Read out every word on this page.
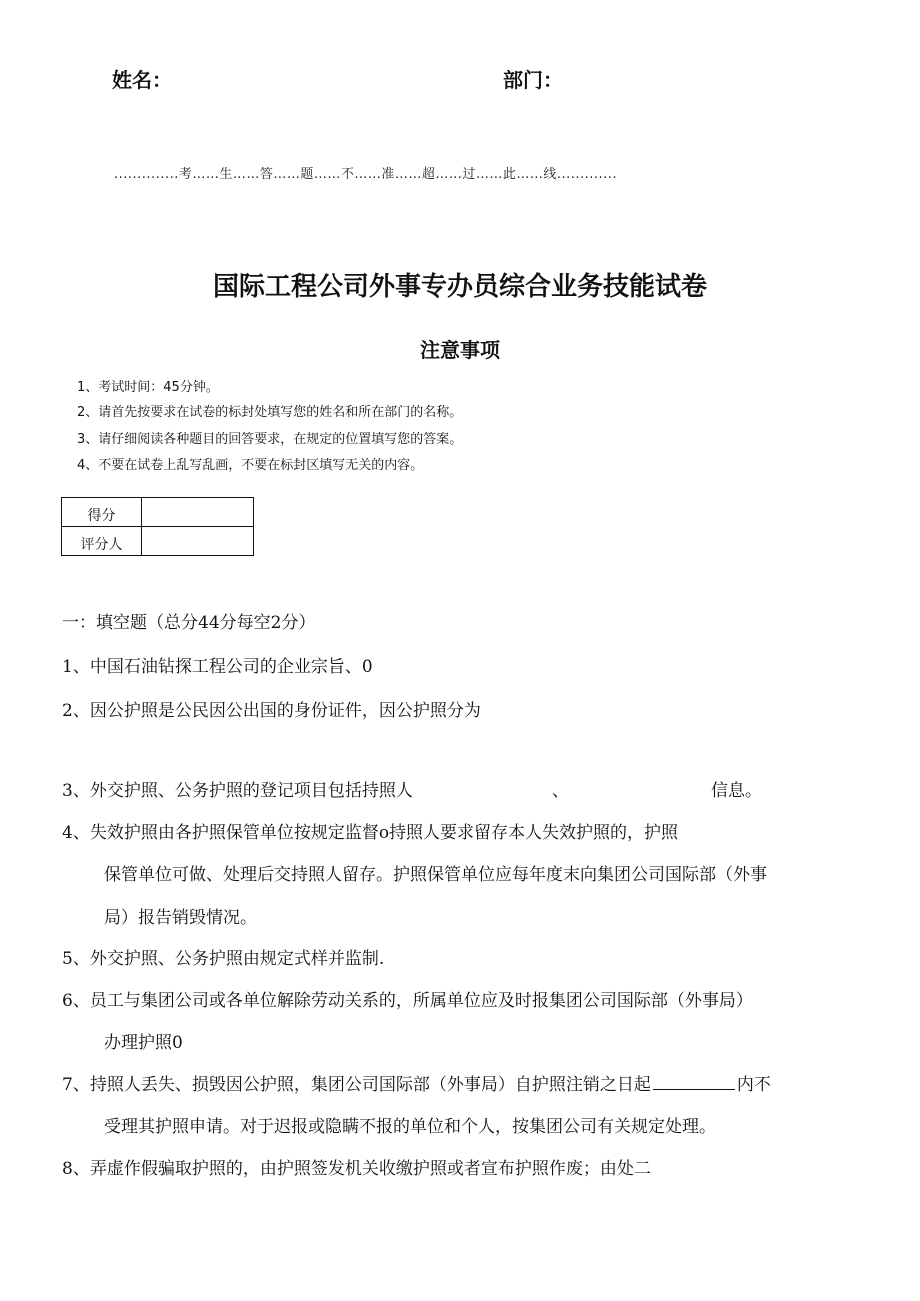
姓名：	部门：
..............考……生……答……题……不……准……超……过……此……线.............
国际工程公司外事专办员综合业务技能试卷
注意事项
1、考试时间：45分钟。
2、请首先按要求在试卷的标封处填写您的姓名和所在部门的名称。
3、请仔细阅读各种题目的回答要求，在规定的位置填写您的答案。
4、不要在试卷上乱写乱画，不要在标封区填写无关的内容。
得分	
评分人	
一：填空题（总分44分每空2分）
1、中国石油钻探工程公司的企业宗旨、0
2、因公护照是公民因公出国的身份证件，因公护照分为
3、外交护照、公务护照的登记项目包括持照人	、	信息。
4、失效护照由各护照保管单位按规定监督o持照人要求留存本人失效护照的，护照
保管单位可做、处理后交持照人留存。护照保管单位应每年度末向集团公司国际部（外事
局）报告销毁情况。
5、外交护照、公务护照由规定式样并监制.
6、员工与集团公司或各单位解除劳动关系的，所属单位应及时报集团公司国际部（外事局）
办理护照0
7、持照人丢失、损毁因公护照，集团公司国际部（外事局）自护照注销之日起	内不
受理其护照申请。对于迟报或隐瞒不报的单位和个人，按集团公司有关规定处理。
8、弄虚作假骗取护照的，由护照签发机关收缴护照或者宣布护照作废；由处二
